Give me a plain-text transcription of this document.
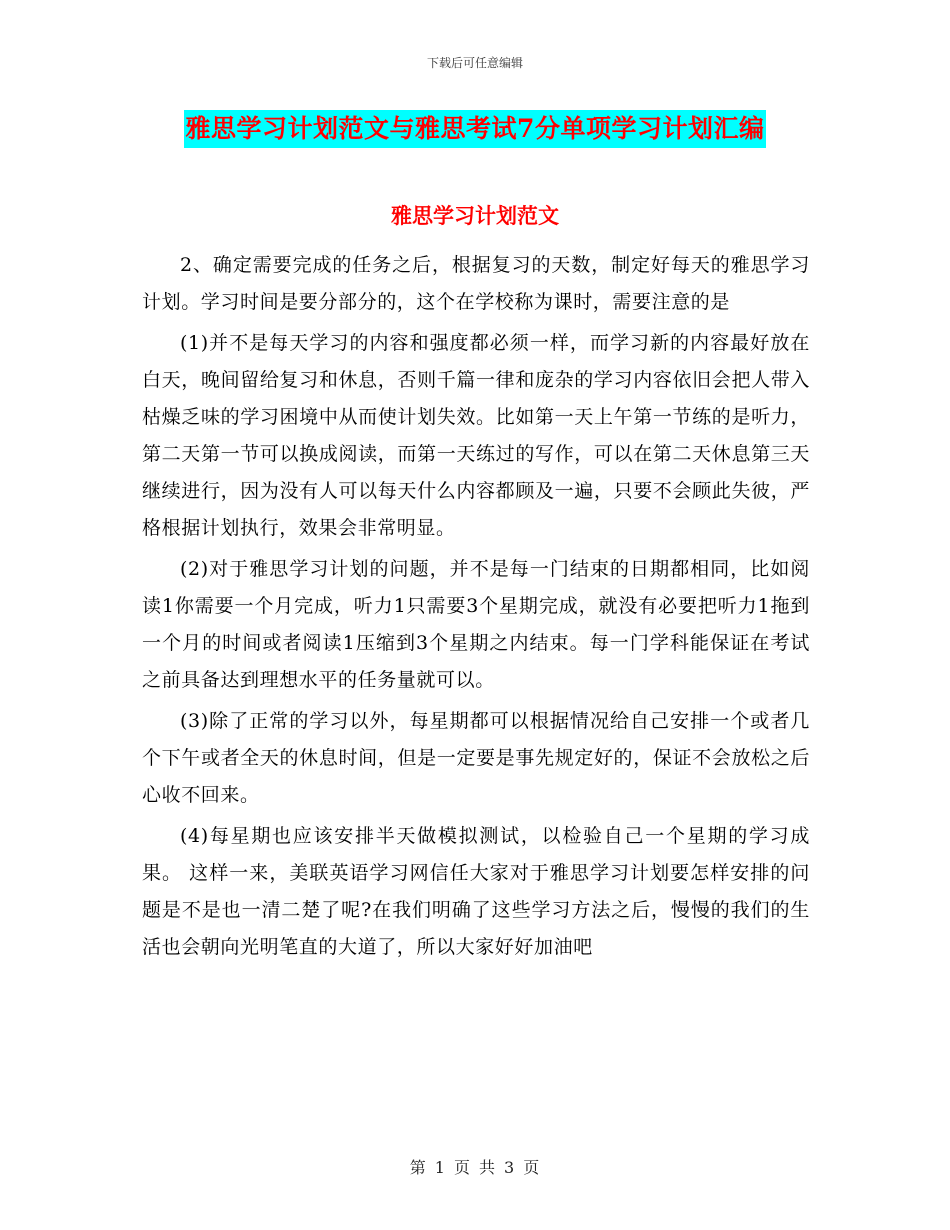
下载后可任意编辑
雅思学习计划范文与雅思考试7分单项学习计划汇编
雅思学习计划范文

2、确定需要完成的任务之后，根据复习的天数，制定好每天的雅思学习计划。学习时间是要分部分的，这个在学校称为课时，需要注意的是

(1)并不是每天学习的内容和强度都必须一样，而学习新的内容最好放在白天，晚间留给复习和休息，否则千篇一律和庞杂的学习内容依旧会把人带入枯燥乏味的学习困境中从而使计划失效。比如第一天上午第一节练的是听力，第二天第一节可以换成阅读，而第一天练过的写作，可以在第二天休息第三天继续进行，因为没有人可以每天什么内容都顾及一遍，只要不会顾此失彼，严格根据计划执行，效果会非常明显。

(2)对于雅思学习计划的问题，并不是每一门结束的日期都相同，比如阅读1你需要一个月完成，听力1只需要3个星期完成，就没有必要把听力1拖到一个月的时间或者阅读1压缩到3个星期之内结束。每一门学科能保证在考试之前具备达到理想水平的任务量就可以。

(3)除了正常的学习以外，每星期都可以根据情况给自己安排一个或者几个下午或者全天的休息时间，但是一定要是事先规定好的，保证不会放松之后心收不回来。

(4)每星期也应该安排半天做模拟测试，以检验自己一个星期的学习成果。 这样一来，美联英语学习网信任大家对于雅思学习计划要怎样安排的问题是不是也一清二楚了呢?在我们明确了这些学习方法之后，慢慢的我们的生活也会朝向光明笔直的大道了，所以大家好好加油吧

第 1 页 共 3 页
